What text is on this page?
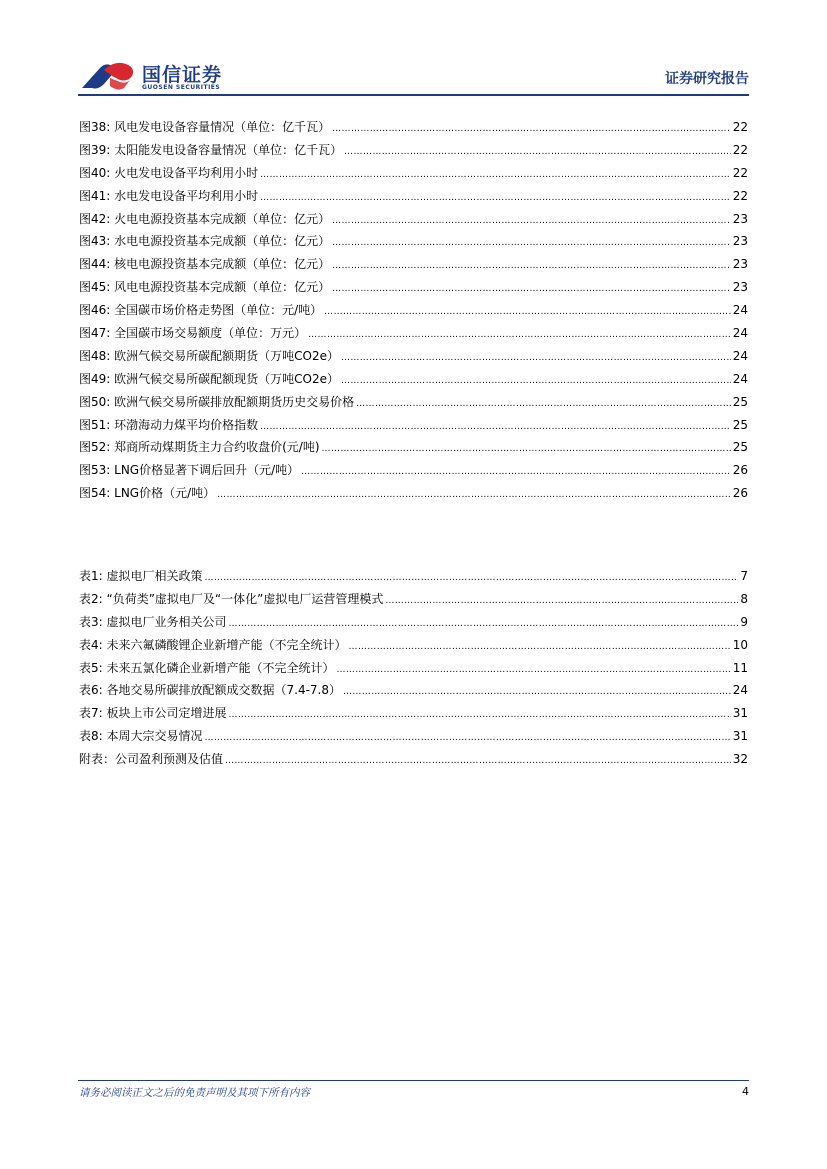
国信证券
GUOSEN SECURITIES
证券研究报告
图38: 风电发电设备容量情况（单位：亿千瓦） ……………………………………………………………………………………………………………………………………………………………………………………………………………………………………………………………………………………………	22
图39: 太阳能发电设备容量情况（单位：亿千瓦） ……………………………………………………………………………………………………………………………………………………………………………………………………………………………………………………………………………………………	22
图40: 火电发电设备平均利用小时 ……………………………………………………………………………………………………………………………………………………………………………………………………………………………………………………………………………………………	22
图41: 水电发电设备平均利用小时 ……………………………………………………………………………………………………………………………………………………………………………………………………………………………………………………………………………………………	22
图42: 火电电源投资基本完成额（单位：亿元） ……………………………………………………………………………………………………………………………………………………………………………………………………………………………………………………………………………………………	23
图43: 水电电源投资基本完成额（单位：亿元） ……………………………………………………………………………………………………………………………………………………………………………………………………………………………………………………………………………………………	23
图44: 核电电源投资基本完成额（单位：亿元） ……………………………………………………………………………………………………………………………………………………………………………………………………………………………………………………………………………………………	23
图45: 风电电源投资基本完成额（单位：亿元） ……………………………………………………………………………………………………………………………………………………………………………………………………………………………………………………………………………………………	23
图46: 全国碳市场价格走势图（单位：元/吨） ……………………………………………………………………………………………………………………………………………………………………………………………………………………………………………………………………………………………	24
图47: 全国碳市场交易额度（单位：万元） ……………………………………………………………………………………………………………………………………………………………………………………………………………………………………………………………………………………………	24
图48: 欧洲气候交易所碳配额期货（万吨CO2e） ……………………………………………………………………………………………………………………………………………………………………………………………………………………………………………………………………………………………	24
图49: 欧洲气候交易所碳配额现货（万吨CO2e） ……………………………………………………………………………………………………………………………………………………………………………………………………………………………………………………………………………………………	24
图50: 欧洲气候交易所碳排放配额期货历史交易价格 ……………………………………………………………………………………………………………………………………………………………………………………………………………………………………………………………………………………………	25
图51: 环渤海动力煤平均价格指数 ……………………………………………………………………………………………………………………………………………………………………………………………………………………………………………………………………………………………	25
图52: 郑商所动煤期货主力合约收盘价(元/吨) ……………………………………………………………………………………………………………………………………………………………………………………………………………………………………………………………………………………………	25
图53: LNG价格显著下调后回升（元/吨） ……………………………………………………………………………………………………………………………………………………………………………………………………………………………………………………………………………………………	26
图54: LNG价格（元/吨） ……………………………………………………………………………………………………………………………………………………………………………………………………………………………………………………………………………………………	26
表1: 虚拟电厂相关政策 ……………………………………………………………………………………………………………………………………………………………………………………………………………………………………………………………………………………………	7
表2: “负荷类”虚拟电厂及“一体化”虚拟电厂运营管理模式 ……………………………………………………………………………………………………………………………………………………………………………………………………………………………………………………………………………………………	8
表3: 虚拟电厂业务相关公司 ……………………………………………………………………………………………………………………………………………………………………………………………………………………………………………………………………………………………	9
表4: 未来六氟磷酸锂企业新增产能（不完全统计） ……………………………………………………………………………………………………………………………………………………………………………………………………………………………………………………………………………………………	10
表5: 未来五氯化磷企业新增产能（不完全统计） ……………………………………………………………………………………………………………………………………………………………………………………………………………………………………………………………………………………………	11
表6: 各地交易所碳排放配额成交数据（7.4-7.8） ……………………………………………………………………………………………………………………………………………………………………………………………………………………………………………………………………………………………	24
表7: 板块上市公司定增进展 ……………………………………………………………………………………………………………………………………………………………………………………………………………………………………………………………………………………………	31
表8: 本周大宗交易情况 ……………………………………………………………………………………………………………………………………………………………………………………………………………………………………………………………………………………………	31
附表：公司盈利预测及估值 ……………………………………………………………………………………………………………………………………………………………………………………………………………………………………………………………………………………………	32
请务必阅读正文之后的免责声明及其项下所有内容	4
